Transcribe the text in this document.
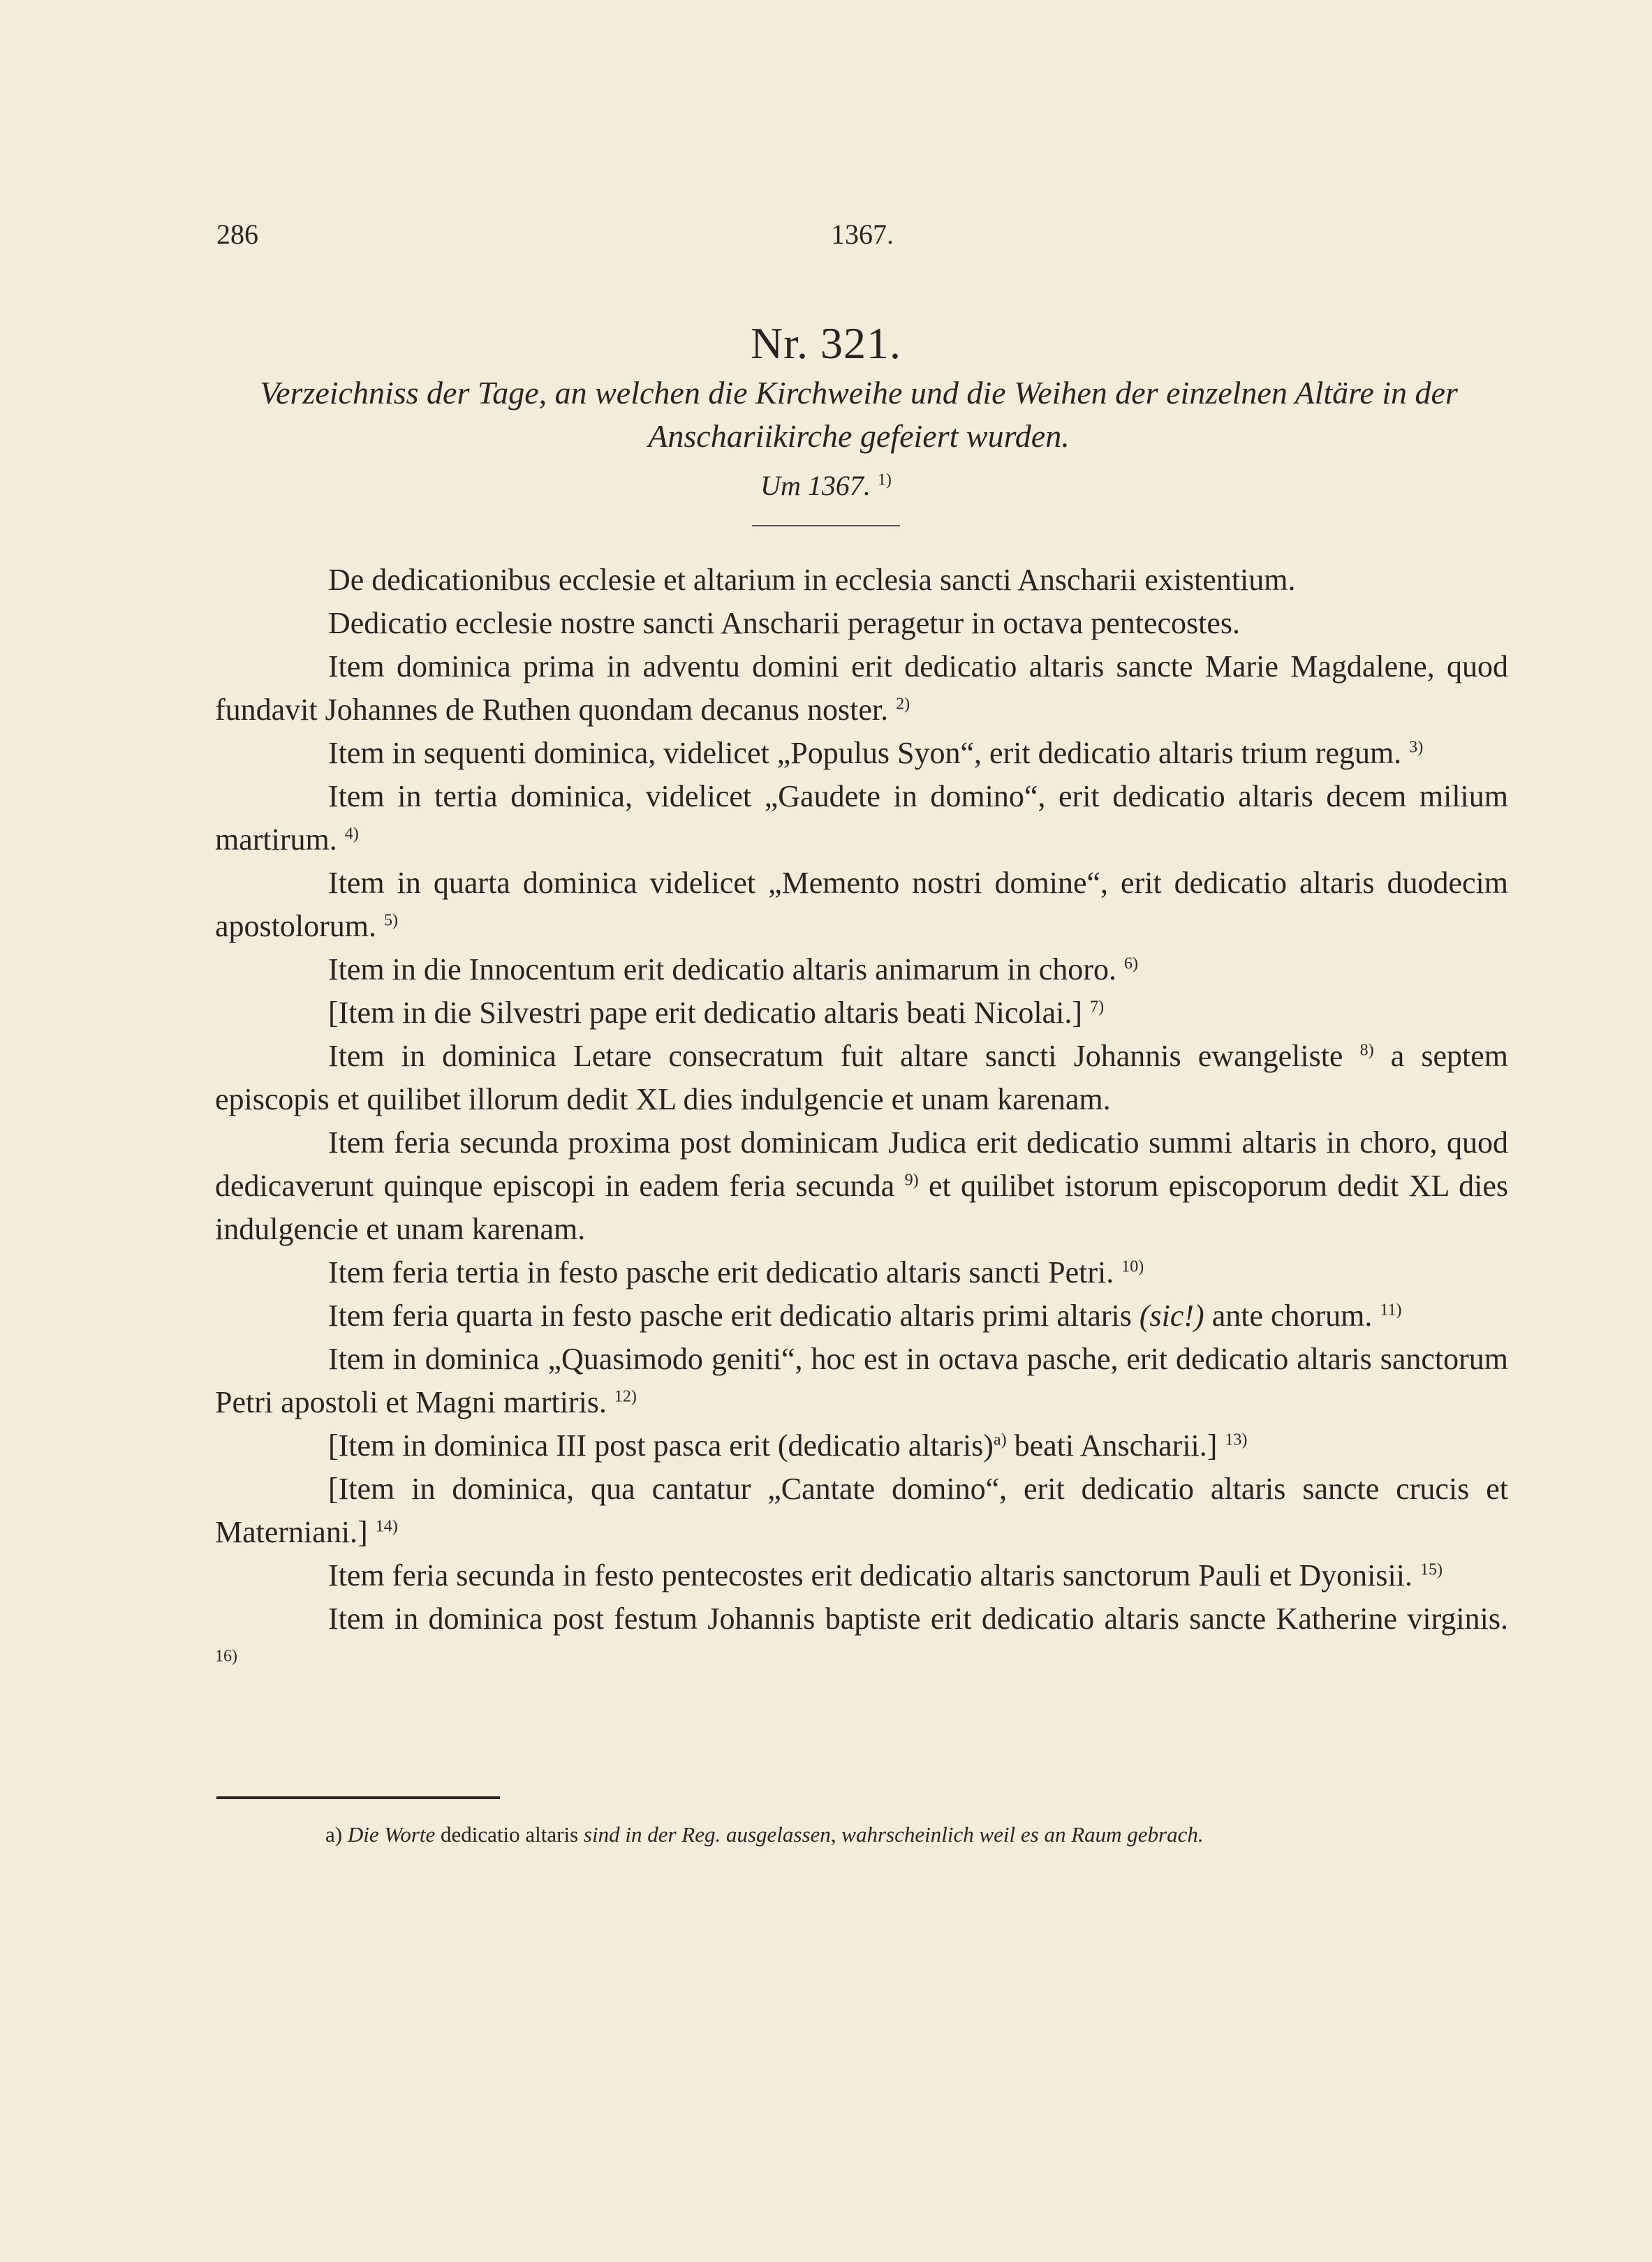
286	1367.
Nr. 321.
Verzeichniss der Tage, an welchen die Kirchweihe und die Weihen der einzelnen Altäre in der Anschariikirche gefeiert wurden.
Um 1367. $^{1)}$

De dedicationibus ecclesie et altarium in ecclesia sancti Anscharii existentium.

Dedicatio ecclesie nostre sancti Anscharii peragetur in octava pentecostes.

Item dominica prima in adventu domini erit dedicatio altaris sancte Marie Magdalene, quod fundavit Johannes de Ruthen quondam decanus noster. $^{2)}$

Item in sequenti dominica, videlicet „Populus Syon“, erit dedicatio altaris trium regum. $^{3)}$

Item in tertia dominica, videlicet „Gaudete in domino“, erit dedicatio altaris decem milium martirum. $^{4)}$

Item in quarta dominica videlicet „Memento nostri domine“, erit dedicatio altaris duodecim apostolorum. $^{5)}$

Item in die Innocentum erit dedicatio altaris animarum in choro. $^{6)}$

[Item in die Silvestri pape erit dedicatio altaris beati Nicolai.] $^{7)}$

Item in dominica Letare consecratum fuit altare sancti Johannis ewangeliste $^{8)}$ a septem episcopis et quilibet illorum dedit XL dies indulgencie et unam karenam.

Item feria secunda proxima post dominicam Judica erit dedicatio summi altaris in choro, quod dedicaverunt quinque episcopi in eadem feria secunda $^{9)}$ et quilibet istorum episcoporum dedit XL dies indulgencie et unam karenam.

Item feria tertia in festo pasche erit dedicatio altaris sancti Petri. $^{10)}$

Item feria quarta in festo pasche erit dedicatio altaris primi altaris (sic!) ante chorum. $^{11)}$

Item in dominica „Quasimodo geniti“, hoc est in octava pasche, erit dedicatio altaris sanctorum Petri apostoli et Magni martiris. $^{12)}$

[Item in dominica III post pasca erit (dedicatio altaris)$^{a)}$ beati Anscharii.] $^{13)}$

[Item in dominica, qua cantatur „Cantate domino“, erit dedicatio altaris sancte crucis et Materniani.] $^{14)}$

Item feria secunda in festo pentecostes erit dedicatio altaris sanctorum Pauli et Dyonisii. $^{15)}$

Item in dominica post festum Johannis baptiste erit dedicatio altaris sancte Katherine virginis. $^{16)}$

a) Die Worte dedicatio altaris sind in der Reg. ausgelassen, wahrscheinlich weil es an Raum gebrach.
